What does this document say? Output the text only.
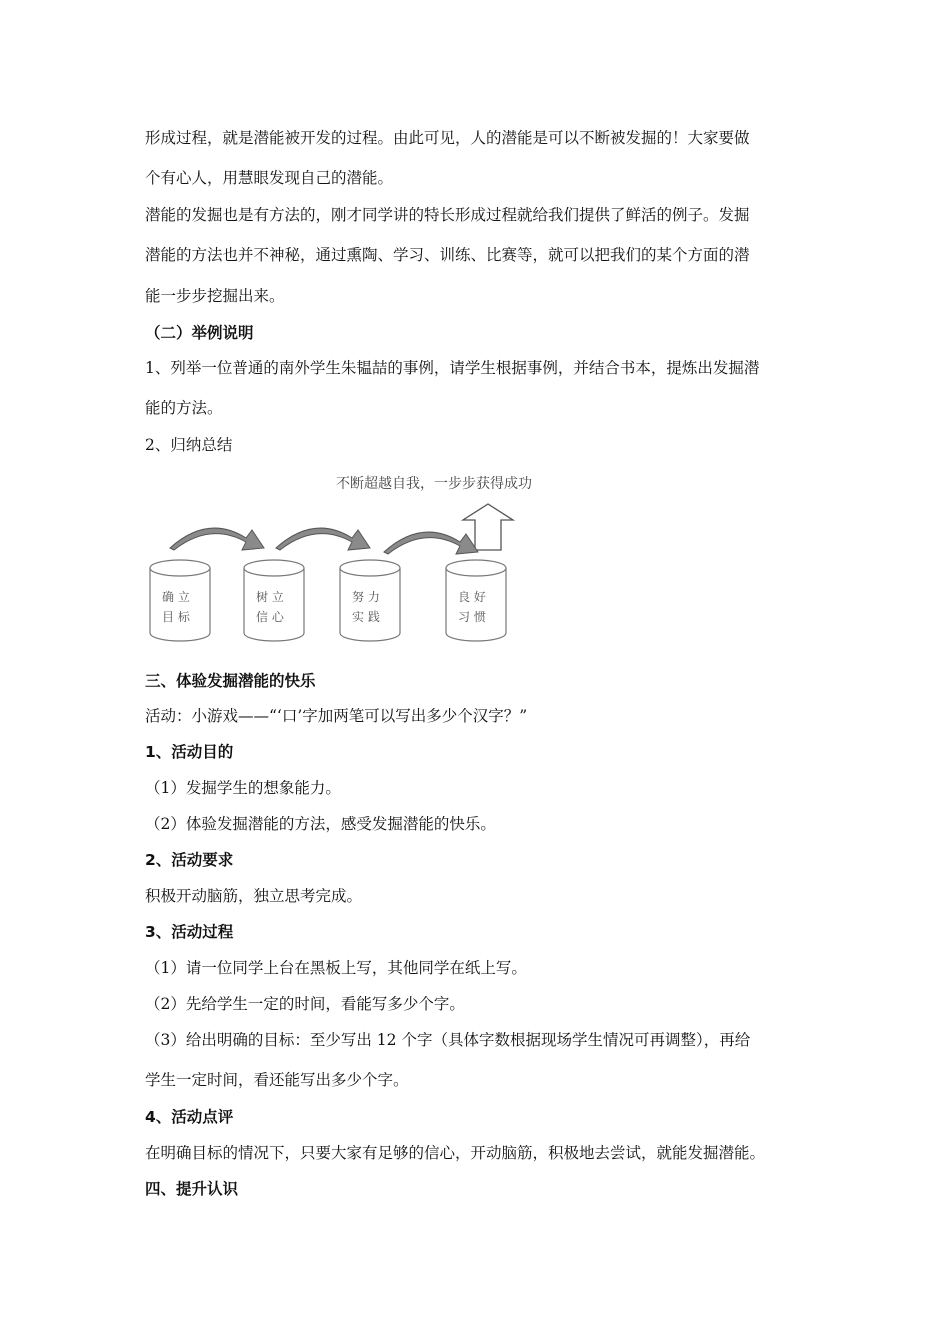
形成过程，就是潜能被开发的过程。由此可见，人的潜能是可以不断被发掘的！大家要做
个有心人，用慧眼发现自己的潜能。
潜能的发掘也是有方法的，刚才同学讲的特长形成过程就给我们提供了鲜活的例子。发掘
潜能的方法也并不神秘，通过熏陶、学习、训练、比赛等，就可以把我们的某个方面的潜
能一步步挖掘出来。
（二）举例说明
1、列举一位普通的南外学生朱韫喆的事例，请学生根据事例，并结合书本，提炼出发掘潜
能的方法。
2、归纳总结
不断超越自我，一步步获得成功
确 立
目 标
树 立
信 心
努 力
实 践
良 好
习 惯
三、体验发掘潜能的快乐
活动：小游戏——“‘口’字加两笔可以写出多少个汉字？”
1、活动目的
（1）发掘学生的想象能力。
（2）体验发掘潜能的方法，感受发掘潜能的快乐。
2、活动要求
积极开动脑筋，独立思考完成。
3、活动过程
（1）请一位同学上台在黑板上写，其他同学在纸上写。
（2）先给学生一定的时间，看能写多少个字。
（3）给出明确的目标：至少写出 12 个字（具体字数根据现场学生情况可再调整），再给
学生一定时间，看还能写出多少个字。
4、活动点评
在明确目标的情况下，只要大家有足够的信心，开动脑筋，积极地去尝试，就能发掘潜能。
四、提升认识
